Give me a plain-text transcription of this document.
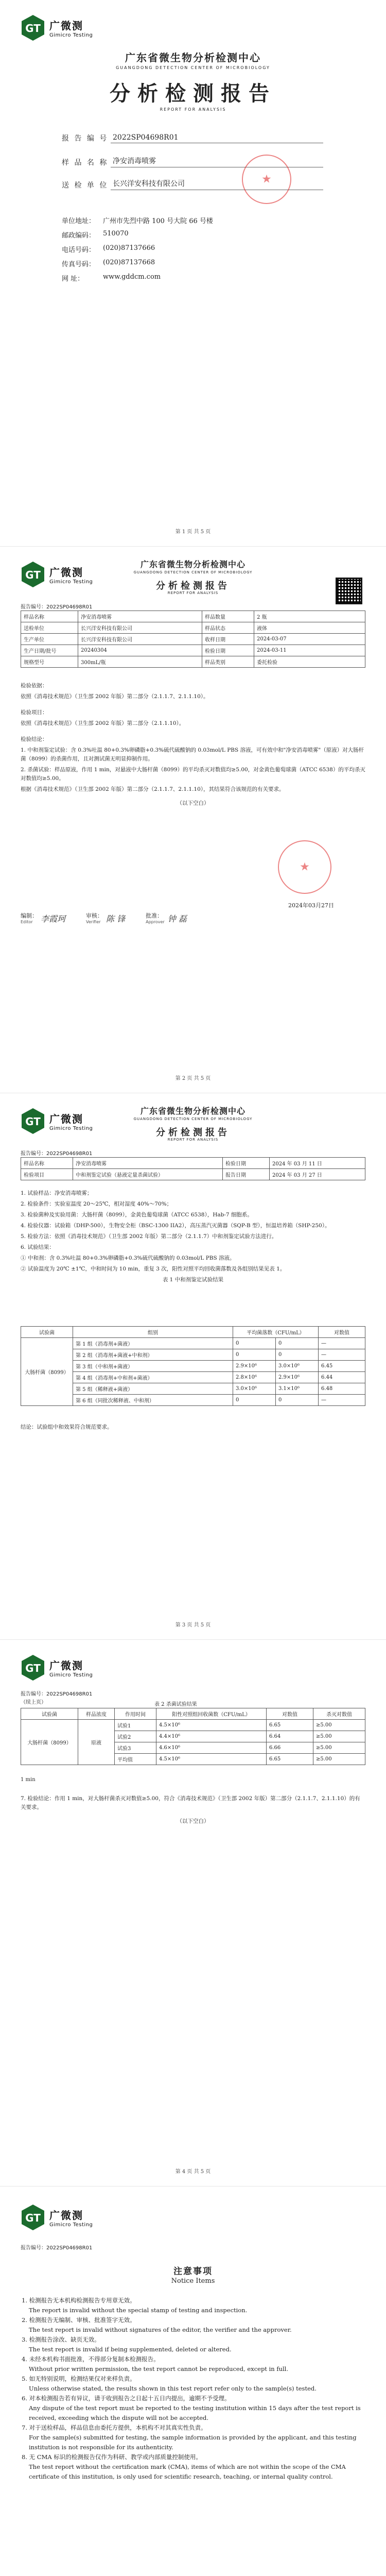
GT 广微测
Gimicro Testing
广东省微生物分析检测中心
GUANGDONG DETECTION CENTER OF MICROBIOLOGY
分析检测报告
REPORT FOR ANALYSIS
报 告 编 号 2022SP04698R01
样 品 名 称 净安消毒喷雾
送 检 单 位 长兴洋安科技有限公司	★
单位地址：	广州市先烈中路 100 号大院 66 号楼
邮政编码：	510070
电话号码：	(020)87137666
传真号码：	(020)87137668
网 址：	www.gddcm.com
第 1 页 共 5 页
GT 广微测
Gimicro Testing
广东省微生物分析检测中心
GUANGDONG DETECTION CENTER OF MICROBIOLOGY
分析检测报告
REPORT FOR ANALYSIS
报告编号：2022SP04698R01
样品名称	净安消毒喷雾	样品数量	2 瓶
送检单位	长兴洋安科技有限公司	样品状态	液体
生产单位	长兴洋安科技有限公司	收样日期	2024-03-07
生产日期/批号	20240304	检验日期	2024-03-11
规格型号	300mL/瓶	样品类别	委托检验

检验依据：

依照《消毒技术规范》（卫生部 2002 年版）第二部分（2.1.1.7、2.1.1.10）。

检验项目：

依照《消毒技术规范》（卫生部 2002 年版）第二部分（2.1.1.10）。

检验结论：

1. 中和剂鉴定试验：含 0.3%吐温 80+0.3%卵磷脂+0.3%硫代硫酸钠的 0.03mol/L PBS 溶液，可有效中和"净安消毒喷雾"（原液）对大肠杆菌（8099）的杀菌作用，且对测试菌无明显抑制作用。

2. 杀菌试验：样品原液，作用 1 min，对悬液中大肠杆菌（8099）的平均杀灭对数值均≥5.00，对金黄色葡萄球菌（ATCC 6538）的平均杀灭对数值均≥5.00。

根据《消毒技术规范》（卫生部 2002 年版）第二部分（2.1.1.7、2.1.1.10），其结果符合该规范的有关要求。

（以下空白）

★
2024年03月27日
编制：
Editor 李霞珂	审核：
Verifier 陈 锋	批准：
Approver 钟 磊
第 2 页 共 5 页
GT 广微测
Gimicro Testing
广东省微生物分析检测中心
GUANGDONG DETECTION CENTER OF MICROBIOLOGY
分析检测报告
REPORT FOR ANALYSIS
报告编号：2022SP04698R01
样品名称	净安消毒喷雾	检验日期	2024 年 03 月 11 日
检验项目	中和剂鉴定试验（悬液定量杀菌试验）	报告日期	2024 年 03 月 27 日

1. 试验样品：净安消毒喷雾；

2. 检验条件：实验室温度 20～25℃，相对湿度 40%～70%；

3. 检验菌种及实验用菌：大肠杆菌（8099），金黄色葡萄球菌（ATCC 6538），Hab-7 细胞系。

4. 检验仪器：试验箱（DHP-500），生物安全柜（BSC-1300 IIA2），高压蒸汽灭菌器（SQP-B 型），恒温培养箱（SHP-250）。

5. 检验方法：依照《消毒技术规范》（卫生部 2002 年版）第二部分（2.1.1.7）中和剂鉴定试验方法进行。

6. 试验结果：

① 中和剂：含 0.3%吐温 80+0.3%卵磷脂+0.3%硫代硫酸钠的 0.03mol/L PBS 溶液。

② 试验温度为 20℃ ±1℃，中和时间为 10 min，重复 3 次，阳性对照平均回收菌落数及各组别结果见表 1。

表 1 中和剂鉴定试验结果

试验菌	组别	平均菌落数（CFU/mL）		对数值
大肠杆菌（8099）	第 1 组（消毒剂+菌液）	0	0	—
	第 2 组（消毒剂+菌液+中和剂）	0	0	—
	第 3 组（中和剂+菌液）	2.9×10⁶	3.0×10⁶	6.45
	第 4 组（消毒剂+中和剂+菌液）	2.8×10⁶	2.9×10⁶	6.44
	第 5 组（稀释液+菌液）	3.0×10⁶	3.1×10⁶	6.48
	第 6 组（同批次稀释液、中和剂）	0	0	—
结论：试验组中和效果符合规范要求。
第 3 页 共 5 页
GT 广微测
Gimicro Testing
报告编号：2022SP04698R01
（续上页）
试验菌	样品浓度	作用时间	阳性对照组回收菌数（CFU/mL）	对数值	杀灭对数值
大肠杆菌（8099）	原液	试验1	4.5×10⁶	6.65	≥5.00
		试验2	4.4×10⁶	6.64	≥5.00
		试验3	4.6×10⁶	6.66	≥5.00
		平均值	4.5×10⁶	6.65	≥5.00
表 2 杀菌试验结果
1 min

7. 检验结论：作用 1 min，对大肠杆菌杀灭对数值≥5.00，符合《消毒技术规范》（卫生部 2002 年版）第二部分（2.1.1.7、2.1.1.10）的有关要求。

（以下空白）

第 4 页 共 5 页
GT 广微测
Gimicro Testing
报告编号：2022SP04698R01
注意事项
Notice Items

1. 检测报告无本机构检测报告专用章无效。

The report is invalid without the special stamp of testing and inspection.

2. 检测报告无编制、审核、批准签字无效。

The test report is invalid without signatures of the editor, the verifier and the approver.

3. 检测报告涂改、缺页无效。

The test report is invalid if being supplemented, deleted or altered.

4. 未经本机构书面批准，不得部分复制本检测报告。

Without prior written permission, the test report cannot be reproduced, except in full.

5. 如无特别说明，检测结果仅对来样负责。

Unless otherwise stated, the results shown in this test report refer only to the sample(s) tested.

6. 对本检测报告若有异议，请于收到报告之日起十五日内提出，逾期不予受理。

Any dispute of the test report must be reported to the testing institution within 15 days after the test report is received, exceeding which the dispute will not be accepted.

7. 对于送检样品，样品信息由委托方提供，本机构不对其真实性负责。

For the sample(s) submitted for testing, the sample information is provided by the applicant, and this testing institution is not responsible for its authenticity.

8. 无 CMA 标识的检测报告仅作为科研、教学或内部质量控制使用。

The test report without the certification mark (CMA), items of which are not within the scope of the CMA certificate of this institution, is only used for scientific research, teaching, or internal quality control.
